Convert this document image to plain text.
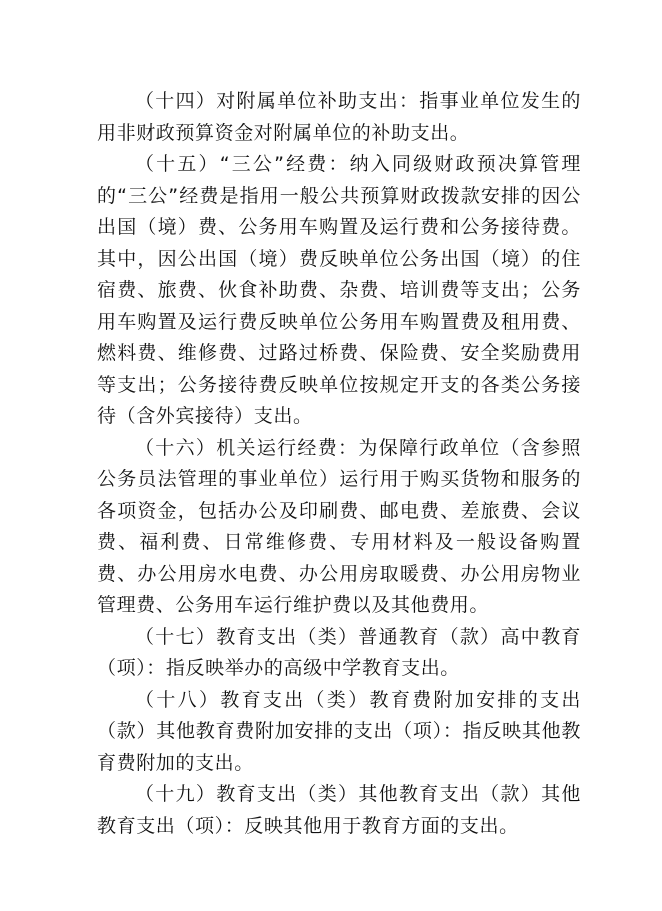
（十四）对附属单位补助支出：指事业单位发生的用非财政预算资金对附属单位的补助支出。

（十五）“三公”经费：纳入同级财政预决算管理的“三公”经费是指用一般公共预算财政拨款安排的因公出国（境）费、公务用车购置及运行费和公务接待费。其中，因公出国（境）费反映单位公务出国（境）的住宿费、旅费、伙食补助费、杂费、培训费等支出；公务用车购置及运行费反映单位公务用车购置费及租用费、燃料费、维修费、过路过桥费、保险费、安全奖励费用等支出；公务接待费反映单位按规定开支的各类公务接待（含外宾接待）支出。

（十六）机关运行经费：为保障行政单位（含参照公务员法管理的事业单位）运行用于购买货物和服务的各项资金，包括办公及印刷费、邮电费、差旅费、会议费、福利费、日常维修费、专用材料及一般设备购置费、办公用房水电费、办公用房取暖费、办公用房物业管理费、公务用车运行维护费以及其他费用。

（十七）教育支出（类）普通教育（款）高中教育（项）：指反映举办的高级中学教育支出。

（十八）教育支出（类）教育费附加安排的支出（款）其他教育费附加安排的支出（项）：指反映其他教育费附加的支出。

（十九）教育支出（类）其他教育支出（款）其他教育支出（项）：反映其他用于教育方面的支出。
